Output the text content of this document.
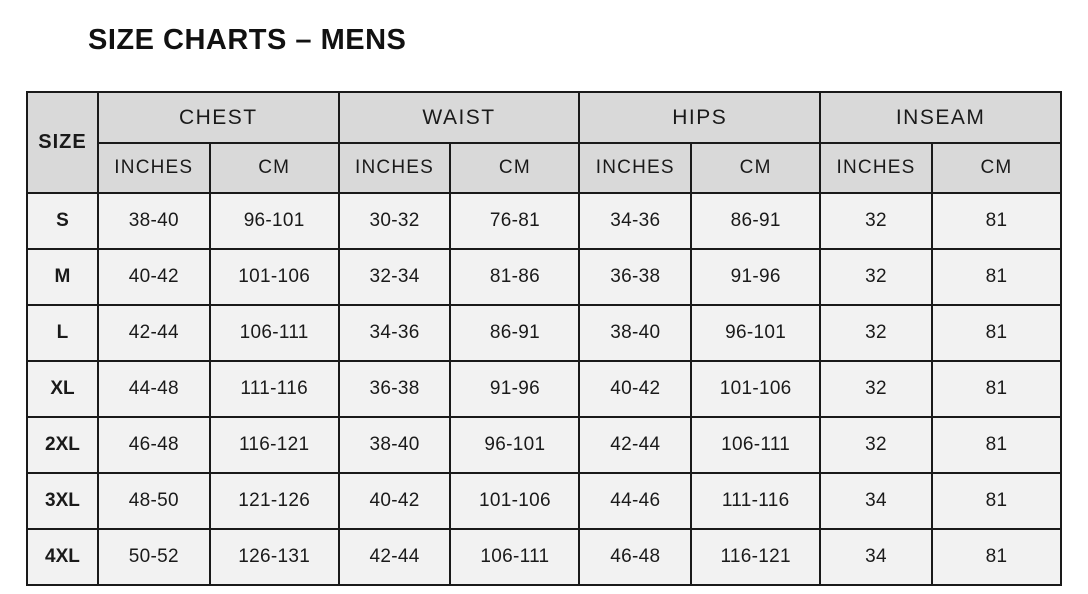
SIZE CHARTS – MENS
SIZE	CHEST		WAIST		HIPS		INSEAM	
	INCHES	CM	INCHES	CM	INCHES	CM	INCHES	CM
S	38-40	96-101	30-32	76-81	34-36	86-91	32	81
M	40-42	101-106	32-34	81-86	36-38	91-96	32	81
L	42-44	106-111	34-36	86-91	38-40	96-101	32	81
XL	44-48	111-116	36-38	91-96	40-42	101-106	32	81
2XL	46-48	116-121	38-40	96-101	42-44	106-111	32	81
3XL	48-50	121-126	40-42	101-106	44-46	111-116	34	81
4XL	50-52	126-131	42-44	106-111	46-48	116-121	34	81
